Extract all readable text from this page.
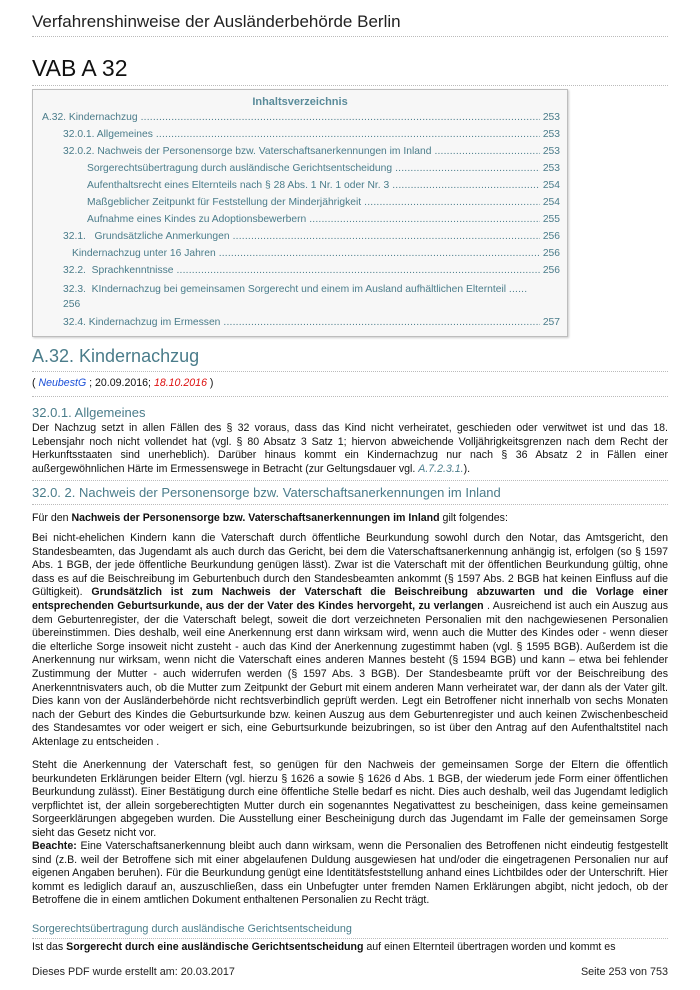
Verfahrenshinweise der Ausländerbehörde Berlin
VAB A 32
Inhaltsverzeichnis
A.32. Kindernachzug .....	253
32.0.1. Allgemeines .....	253
32.0.2. Nachweis der Personensorge bzw. Vaterschaftsanerkennungen im Inland .....	253
Sorgerechtsübertragung durch ausländische Gerichtsentscheidung .....	253
Aufenthaltsrecht eines Elternteils nach § 28 Abs. 1 Nr. 1 oder Nr. 3 .....	254
Maßgeblicher Zeitpunkt für Feststellung der Minderjährigkeit .....	254
Aufnahme eines Kindes zu Adoptionsbewerbern .....	255
32.1.   Grundsätzliche Anmerkungen .....	256
Kindernachzug unter 16 Jahren .....	256
32.2.  Sprachkenntnisse .....	256
32.3.  KIndernachzug bei gemeinsamen Sorgerecht und einem im Ausland aufhältlichen Elternteil ......
256
32.4. Kindernachzug im Ermessen .....	257
A.32. Kindernachzug
( NeubestG ; 20.09.2016; 18.10.2016 )
32.0.1. Allgemeines
Der Nachzug setzt in allen Fällen des § 32 voraus, dass das Kind nicht verheiratet, geschieden oder verwitwet ist und das 18. Lebensjahr noch nicht vollendet hat (vgl. § 80 Absatz 3 Satz 1; hiervon abweichende Volljährigkeitsgrenzen nach dem Recht der Herkunftsstaaten sind unerheblich). Darüber hinaus kommt ein Kindernachzug nur nach § 36 Absatz 2 in Fällen einer außergewöhnlichen Härte im Ermessenswege in Betracht (zur Geltungsdauer vgl. A.7.2.3.1.).
32.0. 2. Nachweis der Personensorge bzw. Vaterschaftsanerkennungen im Inland
Für den Nachweis der Personensorge bzw. Vaterschaftsanerkennungen im Inland gilt folgendes:
Bei nicht-ehelichen Kindern kann die Vaterschaft durch öffentliche Beurkundung sowohl durch den Notar, das Amtsgericht, den Standesbeamten, das Jugendamt als auch durch das Gericht, bei dem die Vaterschaftsanerkennung anhängig ist, erfolgen (so § 1597 Abs. 1 BGB, der jede öffentliche Beurkundung genügen lässt). Zwar ist die Vaterschaft mit der öffentlichen Beurkundung gültig, ohne dass es auf die Beischreibung im Geburtenbuch durch den Standesbeamten ankommt (§ 1597 Abs. 2 BGB hat keinen Einfluss auf die Gültigkeit). Grundsätzlich ist zum Nachweis der Vaterschaft die Beischreibung abzuwarten und die Vorlage einer entsprechenden Geburtsurkunde, aus der der Vater des Kindes hervorgeht, zu verlangen . Ausreichend ist auch ein Auszug aus dem Geburtenregister, der die Vaterschaft belegt, soweit die dort verzeichneten Personalien mit den nachgewiesenen Personalien übereinstimmen. Dies deshalb, weil eine Anerkennung erst dann wirksam wird, wenn auch die Mutter des Kindes oder - wenn dieser die elterliche Sorge insoweit nicht zusteht - auch das Kind der Anerkennung zugestimmt haben (vgl. § 1595 BGB). Außerdem ist die Anerkennung nur wirksam, wenn nicht die Vaterschaft eines anderen Mannes besteht (§ 1594 BGB) und kann – etwa bei fehlender Zustimmung der Mutter - auch widerrufen werden (§ 1597 Abs. 3 BGB). Der Standesbeamte prüft vor der Beischreibung des Anerkenntnisvaters auch, ob die Mutter zum Zeitpunkt der Geburt mit einem anderen Mann verheiratet war, der dann als der Vater gilt. Dies kann von der Ausländerbehörde nicht rechtsverbindlich geprüft werden. Legt ein Betroffener nicht innerhalb von sechs Monaten nach der Geburt des Kindes die Geburtsurkunde bzw. keinen Auszug aus dem Geburtenregister und auch keinen Zwischenbescheid des Standesamtes vor oder weigert er sich, eine Geburtsurkunde beizubringen, so ist über den Antrag auf den Aufenthaltstitel nach Aktenlage zu entscheiden .
Steht die Anerkennung der Vaterschaft fest, so genügen für den Nachweis der gemeinsamen Sorge der Eltern die öffentlich beurkundeten Erklärungen beider Eltern (vgl. hierzu § 1626 a sowie § 1626 d Abs. 1 BGB, der wiederum jede Form einer öffentlichen Beurkundung zulässt). Einer Bestätigung durch eine öffentliche Stelle bedarf es nicht. Dies auch deshalb, weil das Jugendamt lediglich verpflichtet ist, der allein sorgeberechtigten Mutter durch ein sogenanntes Negativattest zu bescheinigen, dass keine gemeinsamen Sorgeerklärungen abgegeben wurden. Die Ausstellung einer Bescheinigung durch das Jugendamt im Falle der gemeinsamen Sorge sieht das Gesetz nicht vor.
Beachte: Eine Vaterschaftsanerkennung bleibt auch dann wirksam, wenn die Personalien des Betroffenen nicht eindeutig festgestellt sind (z.B. weil der Betroffene sich mit einer abgelaufenen Duldung ausgewiesen hat und/oder die eingetragenen Personalien nur auf eigenen Angaben beruhen). Für die Beurkundung genügt eine Identitätsfeststellung anhand eines Lichtbildes oder der Unterschrift. Hier kommt es lediglich darauf an, auszuschließen, dass ein Unbefugter unter fremden Namen Erklärungen abgibt, nicht jedoch, ob der Betroffene die in einem amtlichen Dokument enthaltenen Personalien zu Recht trägt.
Sorgerechtsübertragung durch ausländische Gerichtsentscheidung
Ist das Sorgerecht durch eine ausländische Gerichtsentscheidung auf einen Elternteil übertragen worden und kommt es
Dieses PDF wurde erstellt am: 20.03.2017	Seite 253 von 753
